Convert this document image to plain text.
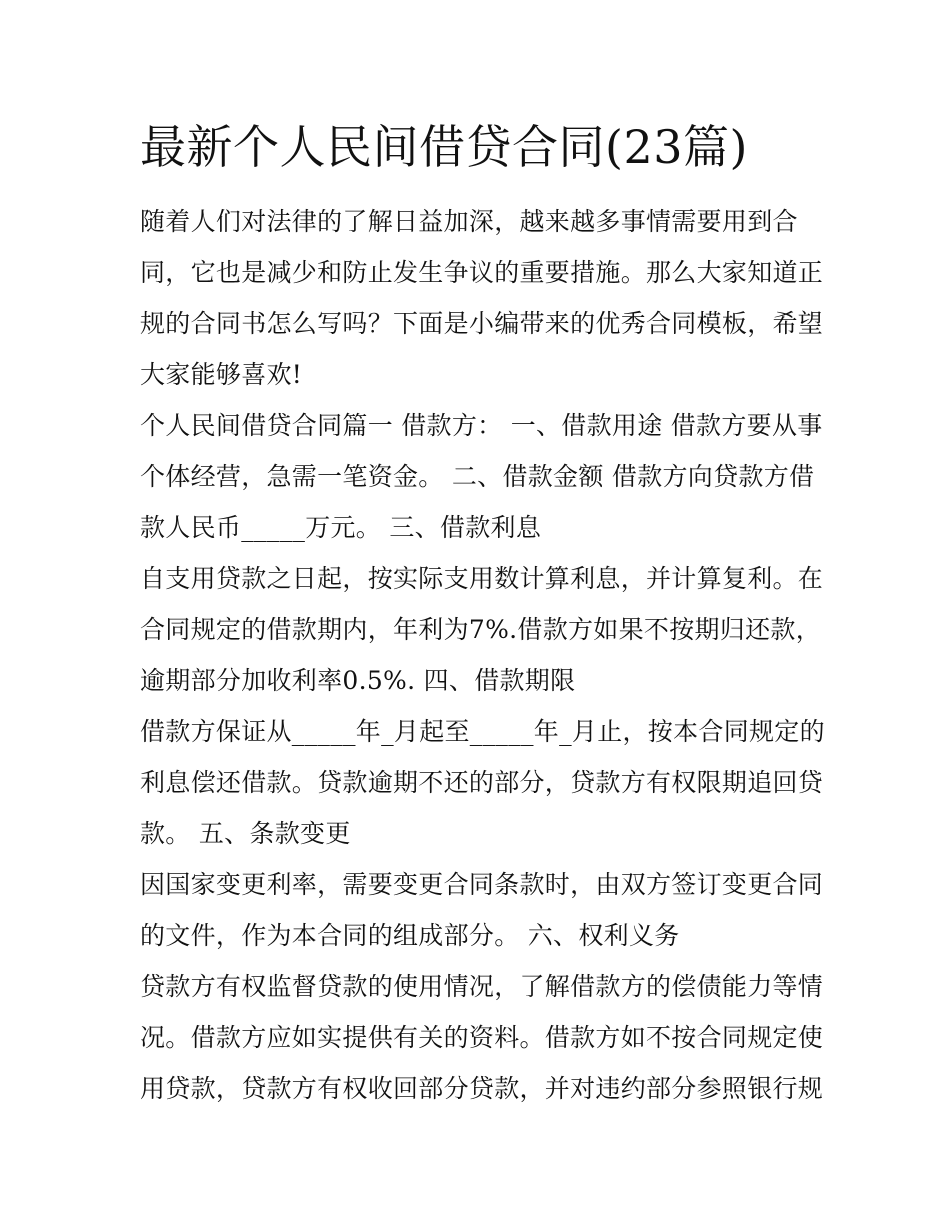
最新个人民间借贷合同(23篇)
随着人们对法律的了解日益加深，越来越多事情需要用到合
同，它也是减少和防止发生争议的重要措施。那么大家知道正
规的合同书怎么写吗？下面是小编带来的优秀合同模板，希望
大家能够喜欢!
个人民间借贷合同篇一 借款方： 一、借款用途 借款方要从事
个体经营，急需一笔资金。 二、借款金额 借款方向贷款方借
款人民币_____万元。 三、借款利息
自支用贷款之日起，按实际支用数计算利息，并计算复利。在
合同规定的借款期内，年利为7%.借款方如果不按期归还款，
逾期部分加收利率0.5%. 四、借款期限
借款方保证从_____年_月起至_____年_月止，按本合同规定的
利息偿还借款。贷款逾期不还的部分，贷款方有权限期追回贷
款。 五、条款变更
因国家变更利率，需要变更合同条款时，由双方签订变更合同
的文件，作为本合同的组成部分。 六、权利义务
贷款方有权监督贷款的使用情况，了解借款方的偿债能力等情
况。借款方应如实提供有关的资料。借款方如不按合同规定使
用贷款，贷款方有权收回部分贷款，并对违约部分参照银行规
